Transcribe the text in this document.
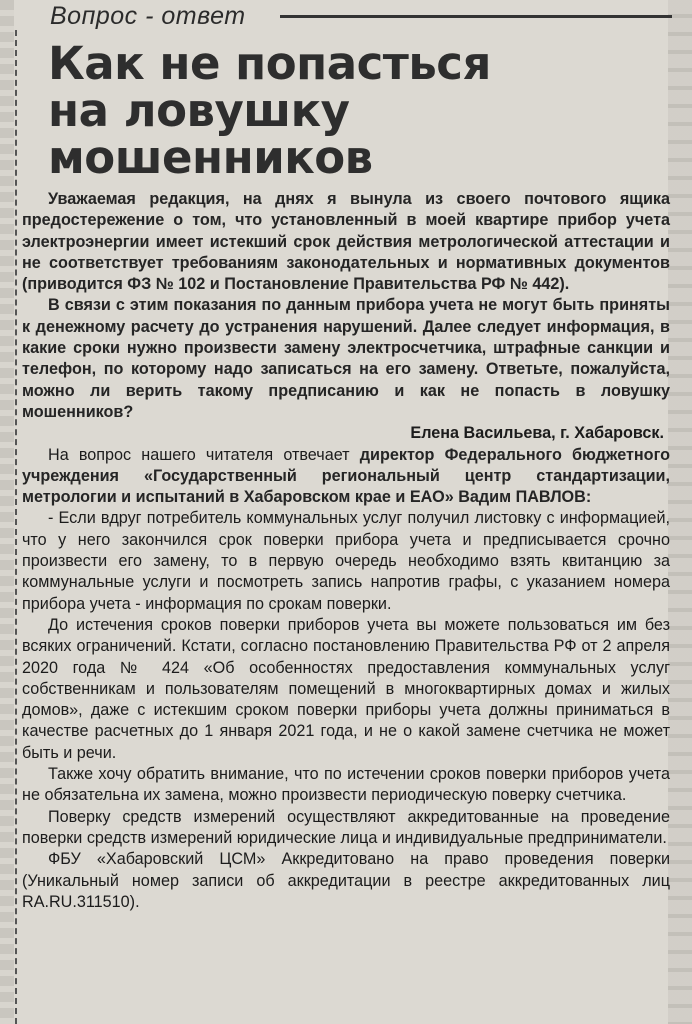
Вопрос - ответ
Как не попасться
на ловушку
мошенников

Уважаемая редакция, на днях я вынула из своего почтового ящика предостережение о том, что установленный в моей квартире прибор учета электроэнергии имеет истекший срок действия метрологической аттестации и не соответствует требованиям законодательных и нормативных документов (приводится ФЗ № 102 и Постановление Правительства РФ № 442).

В связи с этим показания по данным прибора учета не могут быть приняты к денежному расчету до устранения нарушений. Далее следует информация, в какие сроки нужно произвести замену электросчетчика, штрафные санкции и телефон, по которому надо записаться на его замену. Ответьте, пожалуйста, можно ли верить такому предписанию и как не попасть в ловушку мошенников?

Елена Васильева, г. Хабаровск.

На вопрос нашего читателя отвечает директор Федерального бюджетного учреждения «Государственный региональный центр стандартизации, метрологии и испытаний в Хабаровском крае и ЕАО» Вадим ПАВЛОВ:

- Если вдруг потребитель коммунальных услуг получил листовку с информацией, что у него закончился срок поверки прибора учета и предписывается срочно произвести его замену, то в первую очередь необходимо взять квитанцию за коммунальные услуги и посмотреть запись напротив графы, с указанием номера прибора учета - информация по срокам поверки.

До истечения сроков поверки приборов учета вы можете пользоваться им без всяких ограничений. Кстати, согласно постановлению Правительства РФ от 2 апреля 2020 года № 424 «Об особенностях предоставления коммунальных услуг собственникам и пользователям помещений в многоквартирных домах и жилых домов», даже с истекшим сроком поверки приборы учета должны приниматься в качестве расчетных до 1 января 2021 года, и не о какой замене счетчика не может быть и речи.

Также хочу обратить внимание, что по истечении сроков поверки приборов учета не обязательна их замена, можно произвести периодическую поверку счетчика.

Поверку средств измерений осуществляют аккредитованные на проведение поверки средств измерений юридические лица и индивидуальные предприниматели.

ФБУ «Хабаровский ЦСМ» Аккредитовано на право проведения поверки (Уникальный номер записи об аккредитации в реестре аккредитованных лиц RA.RU.311510).
